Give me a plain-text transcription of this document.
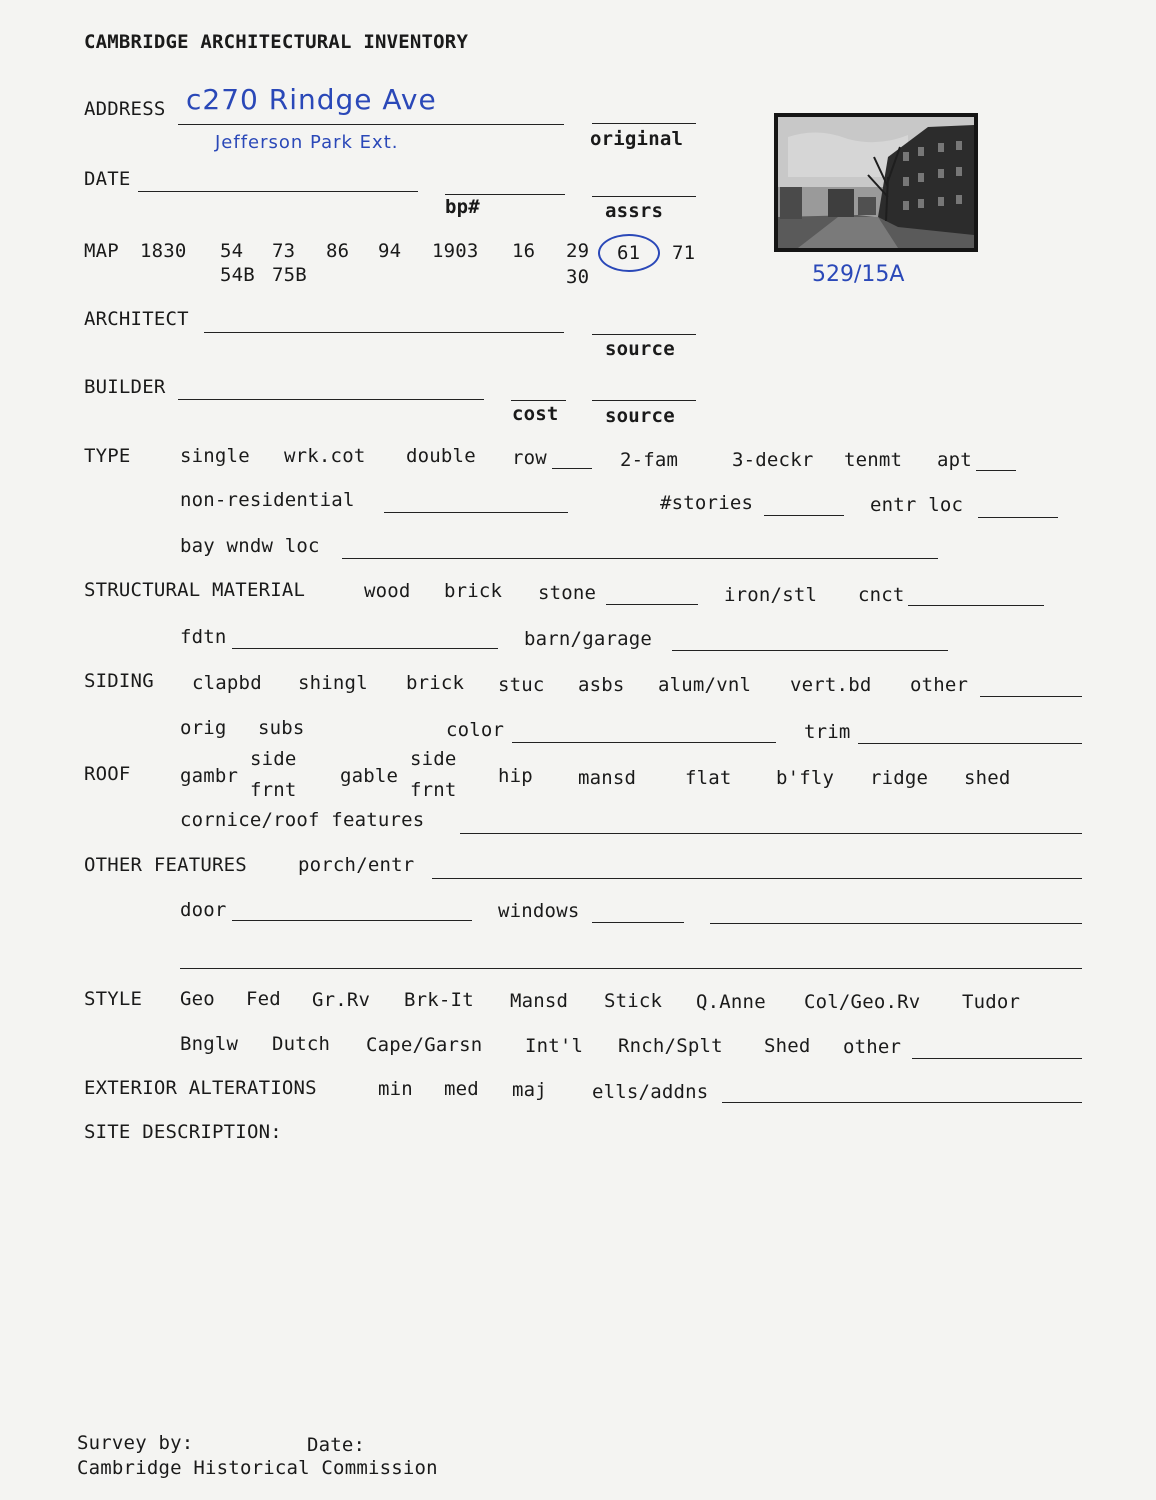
CAMBRIDGE ARCHITECTURAL INVENTORY
ADDRESS c270 Rindge Ave
Jefferson Park Ext.	original
DATE
bp#	assrs
MAP 1830 54 73 86 94 1903 16 29 61 71
54B 75B	30	529/15A
ARCHITECT
source
BUILDER
cost source
TYPE	single wrk.cot double row	2-fam	3-deckr tenmt apt
non-residential	#stories	entr loc
bay wndw loc
STRUCTURAL MATERIAL	wood brick stone	iron/stl cnct
fdtn	barn/garage
SIDING clapbd shingl brick stuc asbs alum/vnl vert.bd other
orig subs	color	trim
ROOF	gambr
side
frnt
gable
side
frnt
hip mansd	flat b'fly ridge shed
cornice/roof features
OTHER FEATURES	porch/entr
door	windows
STYLE Geo Fed Gr.Rv Brk-It Mansd Stick Q.Anne Col/Geo.Rv Tudor
Bnglw Dutch Cape/Garsn Int'l Rnch/Splt Shed other
EXTERIOR ALTERATIONS	min med maj ells/addns
SITE DESCRIPTION:
Survey by:	Date:
Cambridge Historical Commission
